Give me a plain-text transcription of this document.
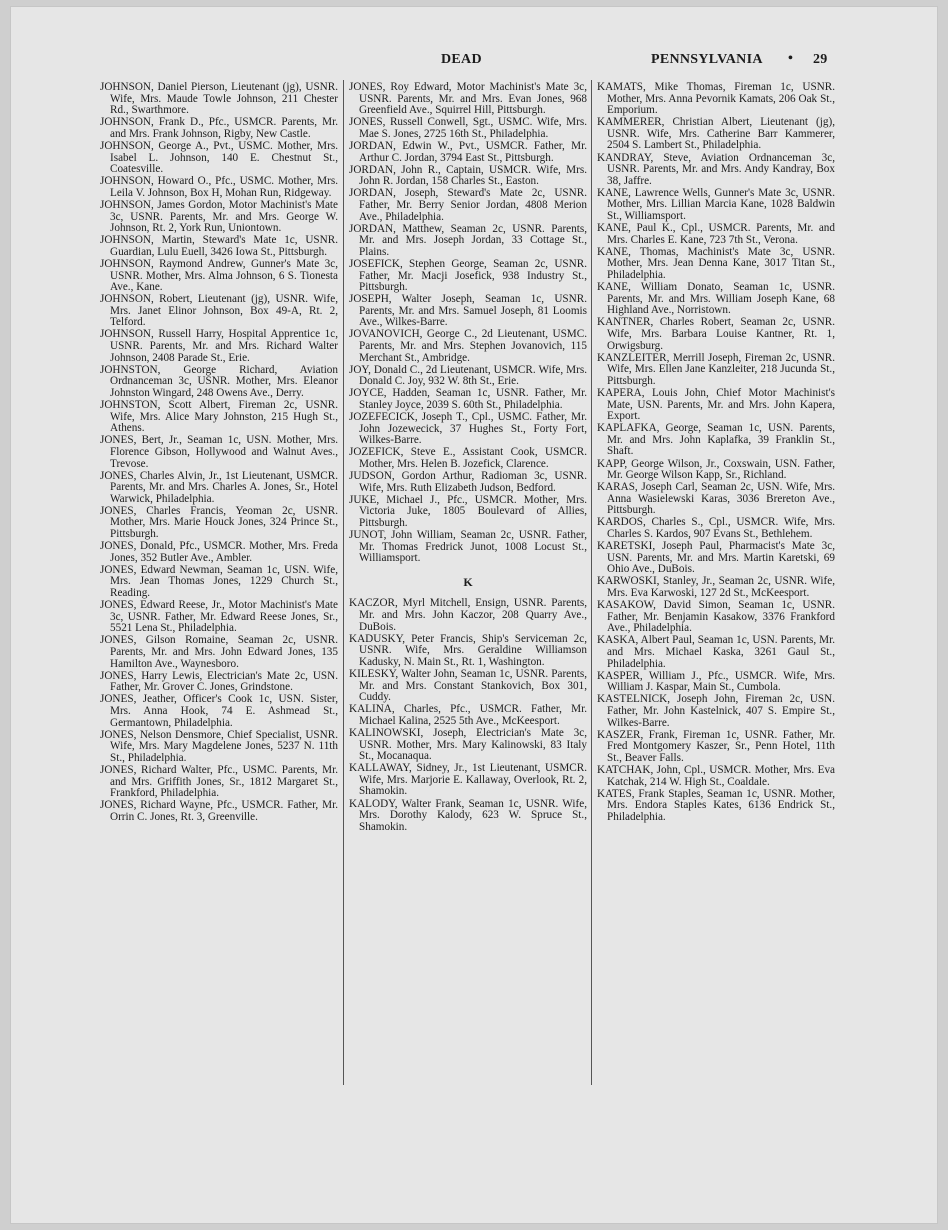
DEAD	PENNSYLVANIA • 29
JOHNSON, Daniel Pierson, Lieutenant (jg), USNR. Wife, Mrs. Maude Towle Johnson, 211 Chester Rd., Swarthmore.
JOHNSON, Frank D., Pfc., USMCR. Parents, Mr. and Mrs. Frank Johnson, Rigby, New Castle.
JOHNSON, George A., Pvt., USMC. Mother, Mrs. Isabel L. Johnson, 140 E. Chestnut St., Coatesville.
JOHNSON, Howard O., Pfc., USMC. Mother, Mrs. Leila V. Johnson, Box H, Mohan Run, Ridgeway.
JOHNSON, James Gordon, Motor Machinist's Mate 3c, USNR. Parents, Mr. and Mrs. George W. Johnson, Rt. 2, York Run, Uniontown.
JOHNSON, Martin, Steward's Mate 1c, USNR. Guardian, Lulu Euell, 3426 Iowa St., Pittsburgh.
JOHNSON, Raymond Andrew, Gunner's Mate 3c, USNR. Mother, Mrs. Alma Johnson, 6 S. Tionesta Ave., Kane.
JOHNSON, Robert, Lieutenant (jg), USNR. Wife, Mrs. Janet Elinor Johnson, Box 49-A, Rt. 2, Telford.
JOHNSON, Russell Harry, Hospital Apprentice 1c, USNR. Parents, Mr. and Mrs. Richard Walter Johnson, 2408 Parade St., Erie.
JOHNSTON, George Richard, Aviation Ordnanceman 3c, USNR. Mother, Mrs. Eleanor Johnston Wingard, 248 Owens Ave., Derry.
JOHNSTON, Scott Albert, Fireman 2c, USNR. Wife, Mrs. Alice Mary Johnston, 215 Hugh St., Athens.
JONES, Bert, Jr., Seaman 1c, USN. Mother, Mrs. Florence Gibson, Hollywood and Walnut Aves., Trevose.
JONES, Charles Alvin, Jr., 1st Lieutenant, USMCR. Parents, Mr. and Mrs. Charles A. Jones, Sr., Hotel Warwick, Philadelphia.
JONES, Charles Francis, Yeoman 2c, USNR. Mother, Mrs. Marie Houck Jones, 324 Prince St., Pittsburgh.
JONES, Donald, Pfc., USMCR. Mother, Mrs. Freda Jones, 352 Butler Ave., Ambler.
JONES, Edward Newman, Seaman 1c, USN. Wife, Mrs. Jean Thomas Jones, 1229 Church St., Reading.
JONES, Edward Reese, Jr., Motor Machinist's Mate 3c, USNR. Father, Mr. Edward Reese Jones, Sr., 5521 Lena St., Philadelphia.
JONES, Gilson Romaine, Seaman 2c, USNR. Parents, Mr. and Mrs. John Edward Jones, 135 Hamilton Ave., Waynesboro.
JONES, Harry Lewis, Electrician's Mate 2c, USN. Father, Mr. Grover C. Jones, Grindstone.
JONES, Jeather, Officer's Cook 1c, USN. Sister, Mrs. Anna Hook, 74 E. Ashmead St., Germantown, Philadelphia.
JONES, Nelson Densmore, Chief Specialist, USNR. Wife, Mrs. Mary Magdelene Jones, 5237 N. 11th St., Philadelphia.
JONES, Richard Walter, Pfc., USMC. Parents, Mr. and Mrs. Griffith Jones, Sr., 1812 Margaret St., Frankford, Philadelphia.
JONES, Richard Wayne, Pfc., USMCR. Father, Mr. Orrin C. Jones, Rt. 3, Greenville.
JONES, Roy Edward, Motor Machinist's Mate 3c, USNR. Parents, Mr. and Mrs. Evan Jones, 968 Greenfield Ave., Squirrel Hill, Pittsburgh.
JONES, Russell Conwell, Sgt., USMC. Wife, Mrs. Mae S. Jones, 2725 16th St., Philadelphia.
JORDAN, Edwin W., Pvt., USMCR. Father, Mr. Arthur C. Jordan, 3794 East St., Pittsburgh.
JORDAN, John R., Captain, USMCR. Wife, Mrs. John R. Jordan, 158 Charles St., Easton.
JORDAN, Joseph, Steward's Mate 2c, USNR. Father, Mr. Berry Senior Jordan, 4808 Merion Ave., Philadelphia.
JORDAN, Matthew, Seaman 2c, USNR. Parents, Mr. and Mrs. Joseph Jordan, 33 Cottage St., Plains.
JOSEFICK, Stephen George, Seaman 2c, USNR. Father, Mr. Macji Josefick, 938 Industry St., Pittsburgh.
JOSEPH, Walter Joseph, Seaman 1c, USNR. Parents, Mr. and Mrs. Samuel Joseph, 81 Loomis Ave., Wilkes-Barre.
JOVANOVICH, George C., 2d Lieutenant, USMC. Parents, Mr. and Mrs. Stephen Jovanovich, 115 Merchant St., Ambridge.
JOY, Donald C., 2d Lieutenant, USMCR. Wife, Mrs. Donald C. Joy, 932 W. 8th St., Erie.
JOYCE, Hadden, Seaman 1c, USNR. Father, Mr. Stanley Joyce, 2039 S. 60th St., Philadelphia.
JOZEFECICK, Joseph T., Cpl., USMC. Father, Mr. John Jozewecick, 37 Hughes St., Forty Fort, Wilkes-Barre.
JOZEFICK, Steve E., Assistant Cook, USMCR. Mother, Mrs. Helen B. Jozefick, Clarence.
JUDSON, Gordon Arthur, Radioman 3c, USNR. Wife, Mrs. Ruth Elizabeth Judson, Bedford.
JUKE, Michael J., Pfc., USMCR. Mother, Mrs. Victoria Juke, 1805 Boulevard of Allies, Pittsburgh.
JUNOT, John William, Seaman 2c, USNR. Father, Mr. Thomas Fredrick Junot, 1008 Locust St., Williamsport.
K
KACZOR, Myrl Mitchell, Ensign, USNR. Parents, Mr. and Mrs. John Kaczor, 208 Quarry Ave., DuBois.
KADUSKY, Peter Francis, Ship's Serviceman 2c, USNR. Wife, Mrs. Geraldine Williamson Kadusky, N. Main St., Rt. 1, Washington.
KILESKY, Walter John, Seaman 1c, USNR. Parents, Mr. and Mrs. Constant Stankovich, Box 301, Cuddy.
KALINA, Charles, Pfc., USMCR. Father, Mr. Michael Kalina, 2525 5th Ave., McKeesport.
KALINOWSKI, Joseph, Electrician's Mate 3c, USNR. Mother, Mrs. Mary Kalinowski, 83 Italy St., Mocanaqua.
KALLAWAY, Sidney, Jr., 1st Lieutenant, USMCR. Wife, Mrs. Marjorie E. Kallaway, Overlook, Rt. 2, Shamokin.
KALODY, Walter Frank, Seaman 1c, USNR. Wife, Mrs. Dorothy Kalody, 623 W. Spruce St., Shamokin.
KAMATS, Mike Thomas, Fireman 1c, USNR. Mother, Mrs. Anna Pevornik Kamats, 206 Oak St., Emporium.
KAMMERER, Christian Albert, Lieutenant (jg), USNR. Wife, Mrs. Catherine Barr Kammerer, 2504 S. Lambert St., Philadelphia.
KANDRAY, Steve, Aviation Ordnanceman 3c, USNR. Parents, Mr. and Mrs. Andy Kandray, Box 38, Jaffre.
KANE, Lawrence Wells, Gunner's Mate 3c, USNR. Mother, Mrs. Lillian Marcia Kane, 1028 Baldwin St., Williamsport.
KANE, Paul K., Cpl., USMCR. Parents, Mr. and Mrs. Charles E. Kane, 723 7th St., Verona.
KANE, Thomas, Machinist's Mate 3c, USNR. Mother, Mrs. Jean Denna Kane, 3017 Titan St., Philadelphia.
KANE, William Donato, Seaman 1c, USNR. Parents, Mr. and Mrs. William Joseph Kane, 68 Highland Ave., Norristown.
KANTNER, Charles Robert, Seaman 2c, USNR. Wife, Mrs. Barbara Louise Kantner, Rt. 1, Orwigsburg.
KANZLEITER, Merrill Joseph, Fireman 2c, USNR. Wife, Mrs. Ellen Jane Kanzleiter, 218 Jucunda St., Pittsburgh.
KAPERA, Louis John, Chief Motor Machinist's Mate, USN. Parents, Mr. and Mrs. John Kapera, Export.
KAPLAFKA, George, Seaman 1c, USN. Parents, Mr. and Mrs. John Kaplafka, 39 Franklin St., Shaft.
KAPP, George Wilson, Jr., Coxswain, USN. Father, Mr. George Wilson Kapp, Sr., Richland.
KARAS, Joseph Carl, Seaman 2c, USN. Wife, Mrs. Anna Wasielewski Karas, 3036 Brereton Ave., Pittsburgh.
KARDOS, Charles S., Cpl., USMCR. Wife, Mrs. Charles S. Kardos, 907 Evans St., Bethlehem.
KARETSKI, Joseph Paul, Pharmacist's Mate 3c, USN. Parents, Mr. and Mrs. Martin Karetski, 69 Ohio Ave., DuBois.
KARWOSKI, Stanley, Jr., Seaman 2c, USNR. Wife, Mrs. Eva Karwoski, 127 2d St., McKeesport.
KASAKOW, David Simon, Seaman 1c, USNR. Father, Mr. Benjamin Kasakow, 3376 Frankford Ave., Philadelphia.
KASKA, Albert Paul, Seaman 1c, USN. Parents, Mr. and Mrs. Michael Kaska, 3261 Gaul St., Philadelphia.
KASPER, William J., Pfc., USMCR. Wife, Mrs. William J. Kaspar, Main St., Cumbola.
KASTELNICK, Joseph John, Fireman 2c, USN. Father, Mr. John Kastelnick, 407 S. Empire St., Wilkes-Barre.
KASZER, Frank, Fireman 1c, USNR. Father, Mr. Fred Montgomery Kaszer, Sr., Penn Hotel, 11th St., Beaver Falls.
KATCHAK, John, Cpl., USMCR. Mother, Mrs. Eva Katchak, 214 W. High St., Coaldale.
KATES, Frank Staples, Seaman 1c, USNR. Mother, Mrs. Endora Staples Kates, 6136 Endrick St., Philadelphia.
